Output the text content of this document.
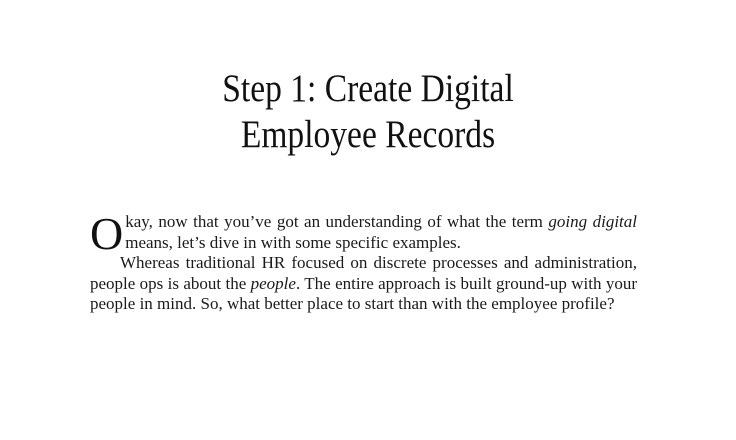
Step 1: Create Digital
Employee Records

Okay, now that you’ve got an understanding of what the term going digital means, let’s dive in with some specific examples.

Whereas traditional HR focused on discrete processes and administration, people ops is about the people. The entire approach is built ground-up with your people in mind. So, what better place to start than with the employee profile?
